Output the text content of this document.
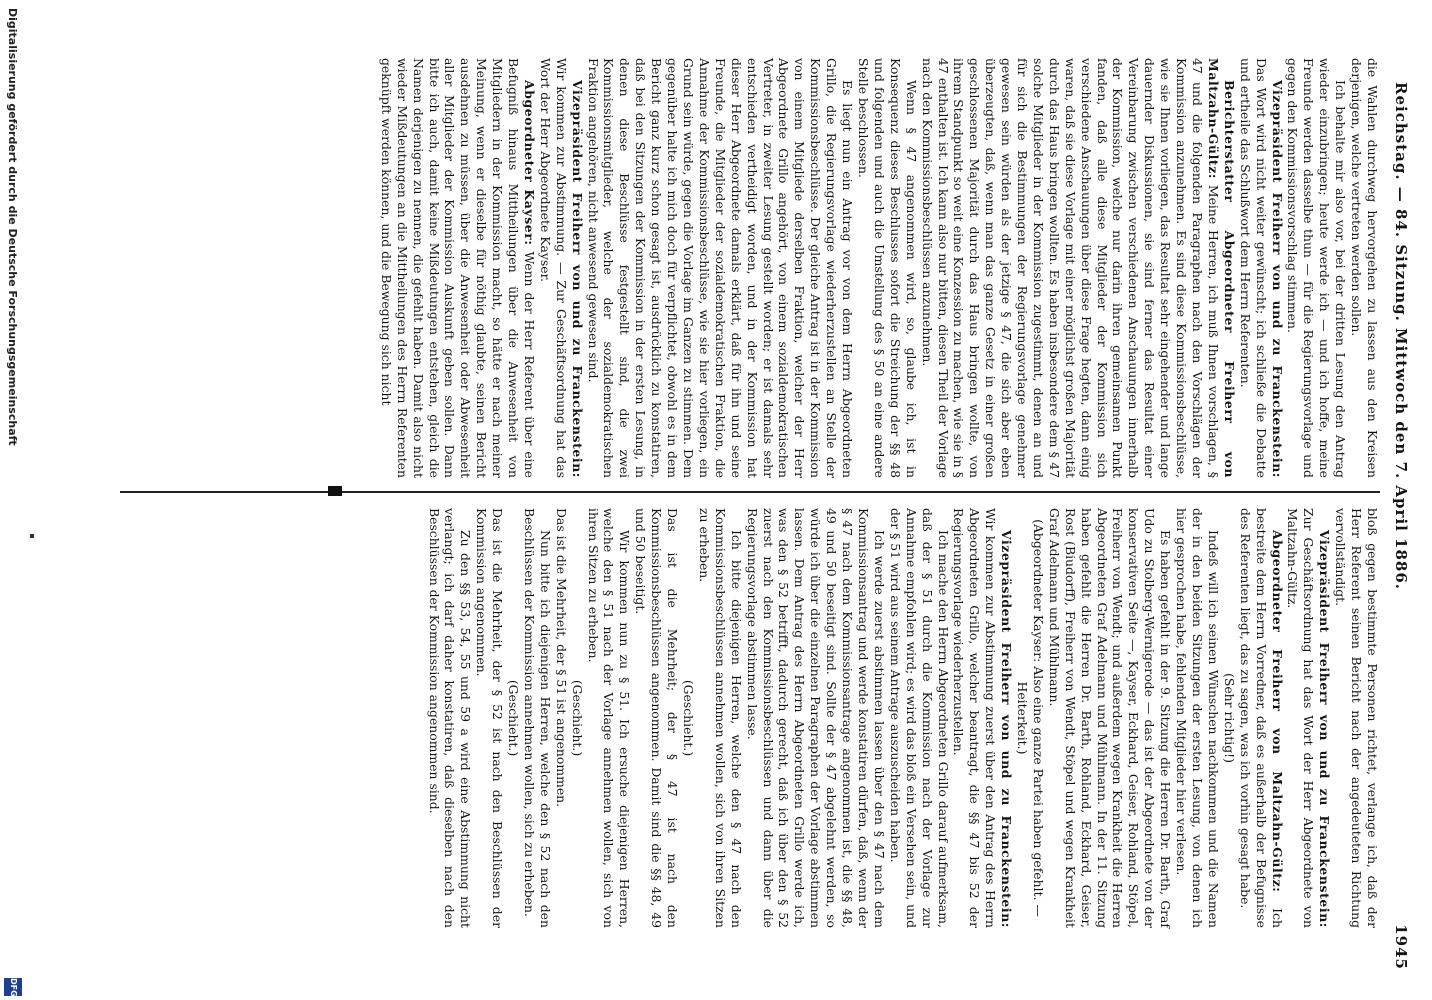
Reichstag. — 84. Sitzung. Mittwoch den 7. April 1886.
1945

die Wahlen durchweg hervorgehen zu lassen aus den Kreisen derjenigen, welche vertreten werden sollen.

Ich behalte mir also vor, bei der dritten Lesung den Antrag wieder einzubringen; heute werde ich — und ich hoffe, meine Freunde werden dasselbe thun — für die Regierungsvorlage und gegen den Kommissionsvorschlag stimmen.

Vizepräsident Freiherr von und zu Franckenstein: Das Wort wird nicht weiter gewünscht; ich schließe die Debatte und ertheile das Schlußwort dem Herrn Referenten.

Berichterstatter Abgeordneter Freiherr von Maltzahn-Gültz: Meine Herren, ich muß Ihnen vorschlagen, § 47 und die folgenden Paragraphen nach den Vorschlägen der Kommission anzunehmen. Es sind diese Kommissionsbeschlüsse, wie sie Ihnen vorliegen, das Resultat sehr eingehender und lange dauernder Diskussionen, sie sind ferner das Resultat einer Vereinbarung zwischen verschiedenen Anschauungen innerhalb der Kommission, welche nur darin ihren gemeinsamen Punkt fanden, daß alle diese Mitglieder der Kommission sich verschiedene Anschauungen über diese Frage hegten, dann einig waren, daß sie diese Vorlage mit einer möglichst großen Majorität durch das Haus bringen wollten. Es haben insbesondere dem § 47 solche Mitglieder in der Kommission zugestimmt, denen an und für sich die Bestimmungen der Regierungsvorlage genehmer gewesen sein würden als der jetzige § 47, die sich aber eben überzeugten, daß, wenn man das ganze Gesetz in einer großen geschlossenen Majorität durch das Haus bringen wollte, von ihrem Standpunkt so weit eine Konzession zu machen, wie sie in § 47 enthalten ist. Ich kann also nur bitten, diesen Theil der Vorlage nach den Kommissionsbeschlüssen anzunehmen.

Wenn § 47 angenommen wird, so, glaube ich, ist in Konsequenz dieses Beschlusses sofort die Streichung der §§ 48 und folgenden und auch die Umstellung des § 50 an eine andere Stelle beschlossen.

Es liegt nun ein Antrag vor von dem Herrn Abgeordneten Grillo, die Regierungsvorlage wiederherzustellen an Stelle der Kommissionsbeschlüsse. Der gleiche Antrag ist in der Kommission von einem Mitgliede derselben Fraktion, welcher der Herr Abgeordnete Grillo angehört, von einem sozialdemokratischen Vertreter, in zweiter Lesung gestellt worden; er ist damals sehr entschieden vertheidigt worden, und in der Kommission hat dieser Herr Abgeordnete damals erklärt, daß für ihn und seine Freunde, die Mitglieder der sozialdemokratischen Fraktion, die Annahme der Kommissionsbeschlüsse, wie sie hier vorliegen, ein Grund sein würde, gegen die Vorlage im Ganzen zu stimmen. Dem gegenüber halte ich mich doch für verpflichtet, obwohl es in dem Bericht ganz kurz schon gesagt ist, ausdrücklich zu konstatiren, daß bei den Sitzungen der Kommission in der ersten Lesung, in denen diese Beschlüsse festgestellt sind, die zwei Kommissionsmitglieder, welche der sozialdemokratischen Fraktion angehören, nicht anwesend gewesen sind.

Vizepräsident Freiherr von und zu Franckenstein: Wir kommen zur Abstimmung. — Zur Geschäftsordnung hat das Wort der Herr Abgeordnete Kayser.

Abgeordneter Kayser: Wenn der Herr Referent über eine Befugniß hinaus Mittheilungen über die Anwesenheit von Mitgliedern in der Kommission macht, so hätte er nach meiner Meinung, wenn er dieselbe für nöthig glaubte, seinen Bericht ausdehnen zu müssen, über die Anwesenheit oder Abwesenheit aller Mitglieder der Kommission Auskunft geben sollen. Dann bitte ich auch, damit keine Mißdeutungen entstehen, gleich die Namen derjenigen zu nennen, die gefehlt haben. Damit also nicht wieder Mißdeutungen an die Mittheilungen des Herrn Referenten geknüpft werden können, und die Bewegung sich nicht

bloß gegen bestimmte Personen richtet, verlange ich, daß der Herr Referent seinen Bericht nach der angedeuteten Richtung vervollständigt.

Vizepräsident Freiherr von und zu Franckenstein: Zur Geschäftsordnung hat das Wort der Herr Abgeordnete von Maltzahn-Gültz.

Abgeordneter Freiherr von Maltzahn-Gültz: Ich bestreite dem Herrn Vorredner, daß es außerhalb der Befugnisse des Referenten liegt, das zu sagen, was ich vorhin gesagt habe.

(Sehr richtig!)

Indeß will ich seinen Wünschen nachkommen und die Namen der in den beiden Sitzungen der ersten Lesung, von denen ich hier gesprochen habe, fehlenden Mitglieder hier verlesen.

Es haben gefehlt in der 9. Sitzung die Herren Dr. Barth, Graf Udo zu Stolberg-Wernigerode — das ist der Abgeordnete von der konservativen Seite —, Kayser, Eckhard, Geiser, Rohland, Stöpel, Freiherr von Wendt; und außerdem wegen Krankheit die Herren Abgeordneten Graf Adelmann und Mühlmann. In der 11. Sitzung haben gefehlt die Herren Dr. Barth, Rohland, Eckhard, Geiser, Rost (Biudorff), Freiherr von Wendt, Stöpel und wegen Krankheit Graf Adelmann und Mühlmann.

(Abgeordneter Kayser: Also eine ganze Partei haben gefehlt. — Heiterkeit.)

Vizepräsident Freiherr von und zu Franckenstein: Wir kommen zur Abstimmung zuerst über den Antrag des Herrn Abgeordneten Grillo, welcher beantragt, die §§ 47 bis 52 der Regierungsvorlage wiederherzustellen.

Ich mache den Herrn Abgeordneten Grillo darauf aufmerksam, daß der § 51 durch die Kommission nach der Vorlage zur Annahme empfohlen wird; es wird das bloß ein Versehen sein, und der § 51 wird aus seinem Antrage auszuscheiden haben.

Ich werde zuerst abstimmen lassen über den § 47 nach dem Kommissionsantrag und werde konstatiren dürfen, daß, wenn der § 47 nach dem Kommissionsantrage angenommen ist, die §§ 48, 49 und 50 beseitigt sind. Sollte der § 47 abgelehnt werden, so würde ich über die einzelnen Paragraphen der Vorlage abstimmen lassen. Dem Antrag des Herrn Abgeordneten Grillo werde ich, was den § 52 betrifft, dadurch gerecht, daß ich über den § 52 zuerst nach den Kommissionsbeschlüssen und dann über die Regierungsvorlage abstimmen lasse.

Ich bitte diejenigen Herren, welche den § 47 nach den Kommissionsbeschlüssen annehmen wollen, sich von ihren Sitzen zu erheben.

(Geschieht.)

Das ist die Mehrheit; der § 47 ist nach den Kommissionsbeschlüssen angenommen. Damit sind die §§ 48, 49 und 50 beseitigt.

Wir kommen nun zu § 51. Ich ersuche diejenigen Herren, welche den § 51 nach der Vorlage annehmen wollen, sich von ihren Sitzen zu erheben.

(Geschieht.)

Das ist die Mehrheit, der § 51 ist angenommen.

Nun bitte ich diejenigen Herren, welche den § 52 nach den Beschlüssen der Kommission annehmen wollen, sich zu erheben.

(Geschieht.)

Das ist die Mehrheit, der § 52 ist nach den Beschlüssen der Kommission angenommen.

Zu den §§ 53, 54, 55 und 59 a wird eine Abstimmung nicht verlangt; ich darf daher konstatiren, daß dieselben nach den Beschlüssen der Kommission angenommen sind.

Digitalisierung gefördert durch die Deutsche Forschungsgemeinschaft
DFG
